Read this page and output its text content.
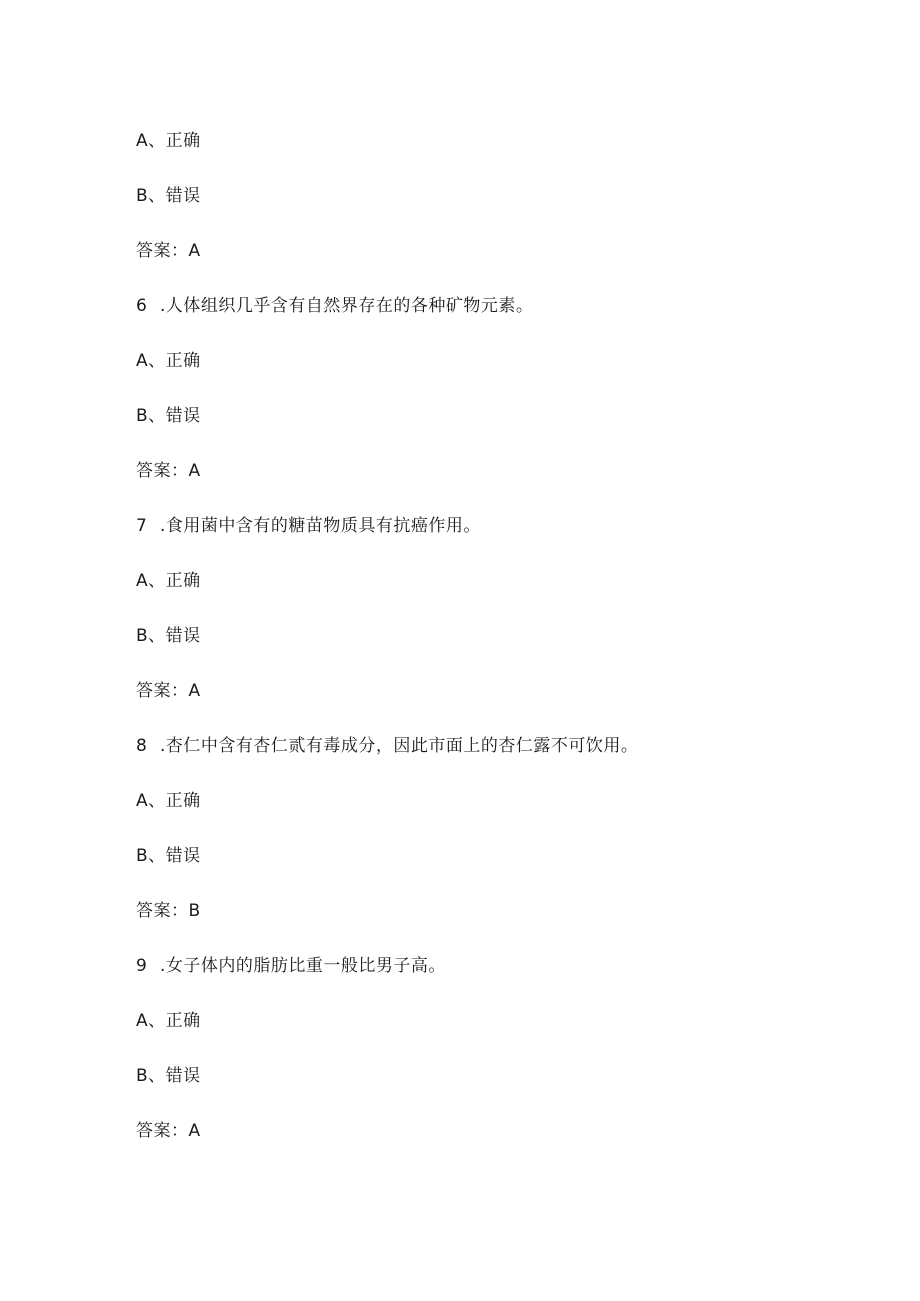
A、正确
B、错误
答案：A
6 .人体组织几乎含有自然界存在的各种矿物元素。
A、正确
B、错误
答案：A
7 .食用菌中含有的糖苗物质具有抗癌作用。
A、正确
B、错误
答案：A
8 .杏仁中含有杏仁贰有毒成分，因此市面上的杏仁露不可饮用。
A、正确
B、错误
答案：B
9 .女子体内的脂肪比重一般比男子高。
A、正确
B、错误
答案：A
